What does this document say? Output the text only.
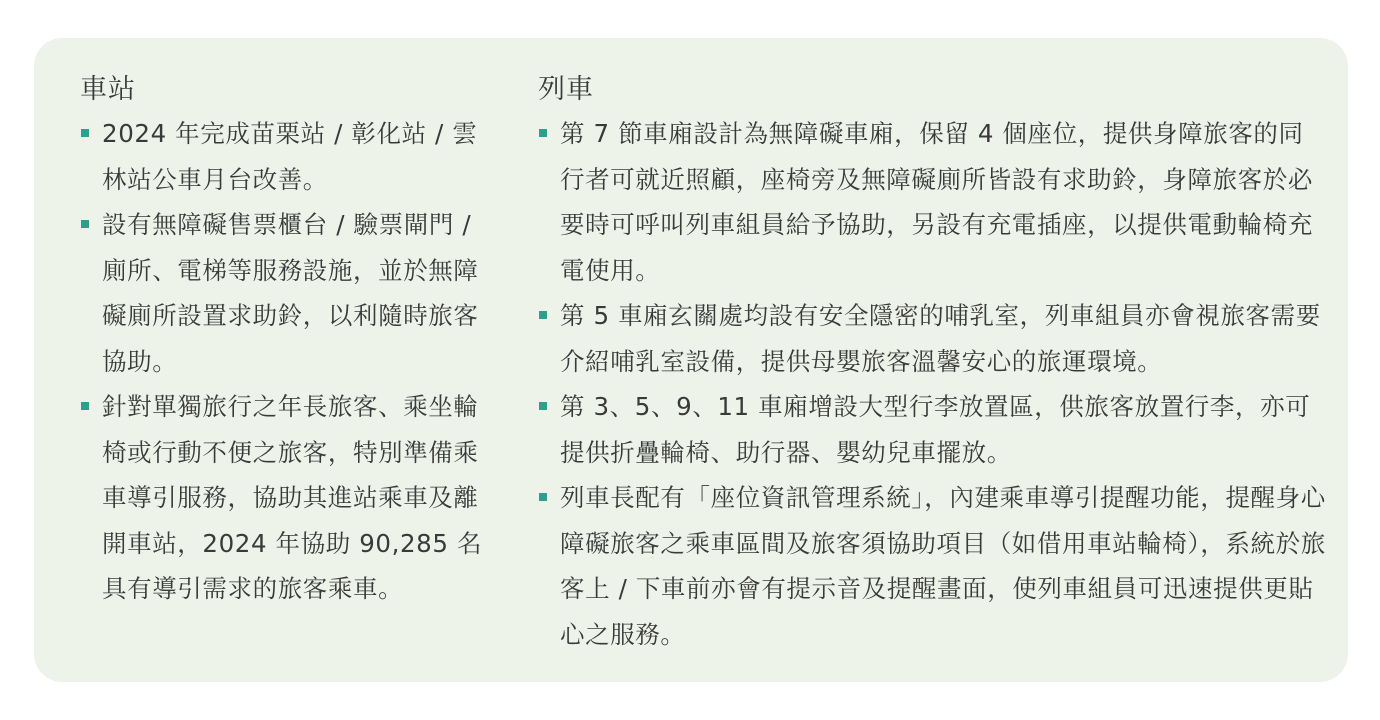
車站
2024 年完成苗栗站 / 彰化站 / 雲林站公車月台改善。
設有無障礙售票櫃台 / 驗票閘門 / 廁所、電梯等服務設施，並於無障礙廁所設置求助鈴，以利隨時旅客協助。
針對單獨旅行之年長旅客、乘坐輪椅或行動不便之旅客，特別準備乘車導引服務，協助其進站乘車及離開車站，2024 年協助 90,285 名具有導引需求的旅客乘車。
列車
第 7 節車廂設計為無障礙車廂，保留 4 個座位，提供身障旅客的同行者可就近照顧，座椅旁及無障礙廁所皆設有求助鈴，身障旅客於必要時可呼叫列車組員給予協助，另設有充電插座，以提供電動輪椅充電使用。
第 5 車廂玄關處均設有安全隱密的哺乳室，列車組員亦會視旅客需要介紹哺乳室設備，提供母嬰旅客溫馨安心的旅運環境。
第 3、5、9、11 車廂增設大型行李放置區，供旅客放置行李，亦可提供折疊輪椅、助行器、嬰幼兒車擺放。
列車長配有「座位資訊管理系統」，內建乘車導引提醒功能，提醒身心障礙旅客之乘車區間及旅客須協助項目（如借用車站輪椅），系統於旅客上 / 下車前亦會有提示音及提醒畫面，使列車組員可迅速提供更貼心之服務。
